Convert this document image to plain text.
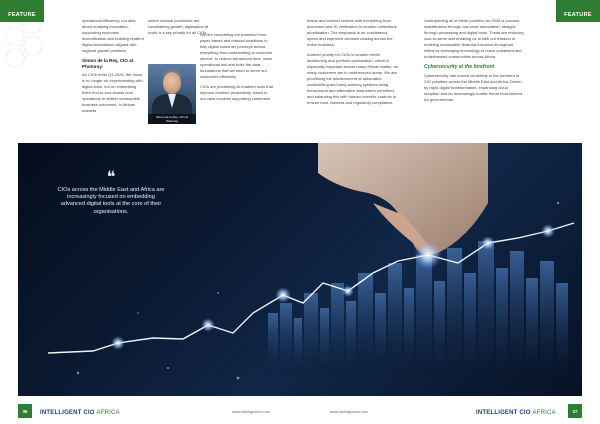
FEATURE

operational efficiency, but also about enabling innovation, supporting economic diversification and building resilient digital foundations aligned with regional growth priorities.

Simon de la Rey, CIO at Photuray:

As CIOs enter Q4 2026, the focus is no longer on experimenting with digital tools, but on embedding them end-to-end across core operations to deliver measurable business outcomes. In African markets

where manual processes are constraining growth, digitisation at scale is a key priority for all CIOs.

We are completing the transition from paper-based and manual workflows to fully digital customer journeys across everything from underwriting to customer service, to reduce turnaround time, lower operational risk and build the data foundations that we need to serve our customers efficiently.

CIOs are prioritising AI-enabled tools that improve frontline productivity, which in our case involves supporting customers

Simon de la Rey, CIO at Photuray

teams and contact centres with everything from document and ID verification to smarter collections prioritisation. The emphasis is on consistency, speed and improved decision making across the entire business.

Another priority for CIOs is smarter credit decisioning and portfolio optimisation, which is especially important across many African states, as many customers are in underserved areas. We are prioritising the advancement of automated underwriting and early-warning systems using behavioural and alternative data where permitted, and balancing this with human-override controls to ensure trust, fairness and regulatory compliance.

Underpinning all of these priorities for 2026 is process simplification through low-code automation, straight-through processing and digital tools. These are reducing cost-to-serve and enabling us to fulfil our mission of enabling sustainable financial inclusion throughout Africa by leveraging technology to reach unbanked and underbanked communities across Africa.

Cybersecurity at the forefront

Cybersecurity has moved decisively to the forefront of CIO priorities across the Middle East and Africa. Driven by rapid digital transformation, expanding cloud adoption and an increasingly hostile threat environment. As governments

FEATURE
❝
CIOs across the Middle East and Africa are increasingly focused on embedding advanced digital tools at the core of their organisations.
36	INTELLIGENT CIO AFRICA	www.intelligentcio.com	www.intelligentcio.com	INTELLIGENT CIO AFRICA	37
